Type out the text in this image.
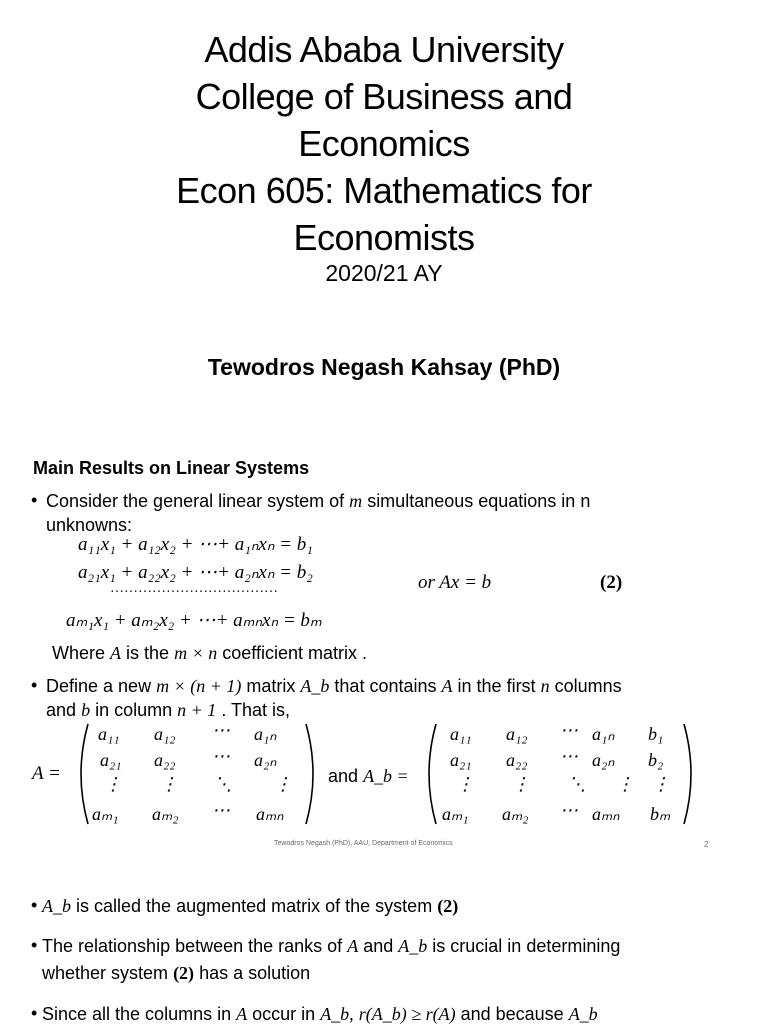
Addis Ababa University
College of Business and
Economics
Econ 605: Mathematics for
Economists
2020/21 AY
Tewodros Negash Kahsay (PhD)
Main Results on Linear Systems
• Consider the general linear system of m simultaneous equations in n
unknowns:
a₁₁x₁ + a₁₂x₂ + ⋯+ a₁ₙxₙ = b₁
a₂₁x₁ + a₂₂x₂ + ⋯+ a₂ₙxₙ = b₂
………………………………	or Ax = b	(2)
aₘ₁x₁ + aₘ₂x₂ + ⋯+ aₘₙxₙ = bₘ
Where A is the m × n coefficient matrix .
• Define a new m × (n + 1) matrix A_b that contains A in the first n columns
and b in column n + 1 . That is,
A =
a₁₁ a₁₂ ⋯ a₁ₙ
a₂₁ a₂₂ ⋯ a₂ₙ
⋮ ⋮ ⋱ ⋮
aₘ₁ aₘ₂ ⋯ aₘₙ
and A_b =
a₁₁ a₁₂ ⋯ a₁ₙ b₁
a₂₁ a₂₂ ⋯ a₂ₙ b₂
⋮ ⋮ ⋱ ⋮ ⋮
aₘ₁ aₘ₂ ⋯ aₘₙ bₘ
Tewodros Negash (PhD), AAU, Department of Economics	2
• A_b is called the augmented matrix of the system (2)
• The relationship between the ranks of A and A_b is crucial in determining
whether system (2) has a solution
• Since all the columns in A occur in A_b, r(A_b) ≥ r(A) and because A_b
